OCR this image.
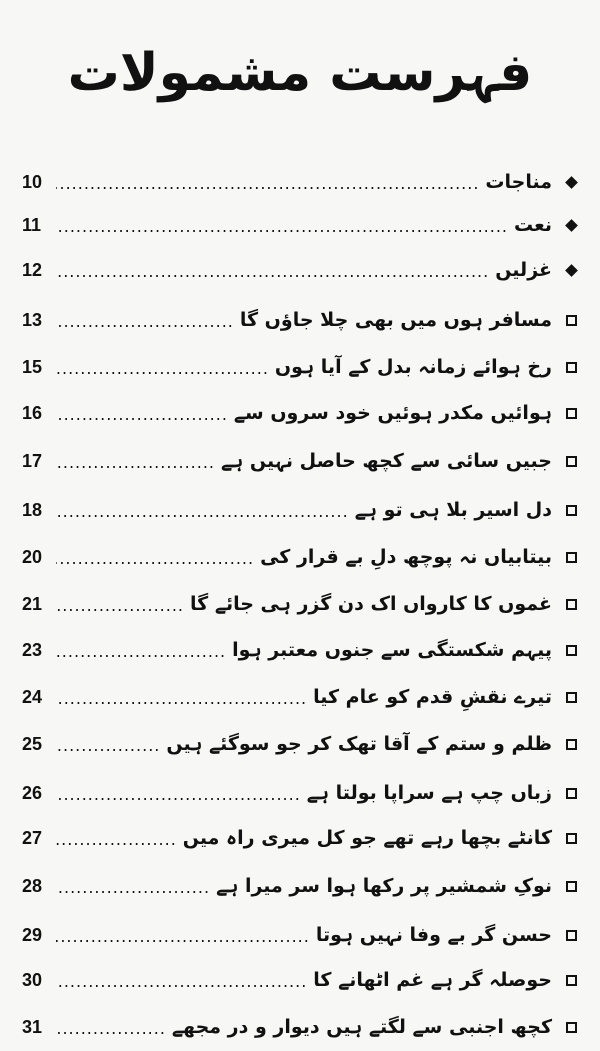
فہرست مشمولات
مناجات
.....
10
نعت
.....
11
غزلیں
.....
12
مسافر ہوں میں بھی چلا جاؤں گا
.....
13
رخ ہوائے زمانہ بدل کے آیا ہوں
.....
15
ہوائیں مکدر ہوئیں خود سروں سے
.....
16
جبیں سائی سے کچھ حاصل نہیں ہے
.....
17
دل اسیر بلا ہی تو ہے
.....
18
بیتابیاں نہ پوچھ دلِ بے قرار کی
.....
20
غموں کا کارواں اک دن گزر ہی جائے گا
.....
21
پیہم شکستگی سے جنوں معتبر ہوا
.....
23
تیرے نقشِ قدم کو عام کیا
.....
24
ظلم و ستم کے آقا تھک کر جو سوگئے ہیں
.....
25
زباں چپ ہے سراپا بولتا ہے
.....
26
کانٹے بچھا رہے تھے جو کل میری راہ میں
.....
27
نوکِ شمشیر پر رکھا ہوا سر میرا ہے
.....
28
حسن گر بے وفا نہیں ہوتا
.....
29
حوصلہ گر ہے غم اٹھانے کا
.....
30
کچھ اجنبی سے لگتے ہیں دیوار و در مجھے
.....
31
